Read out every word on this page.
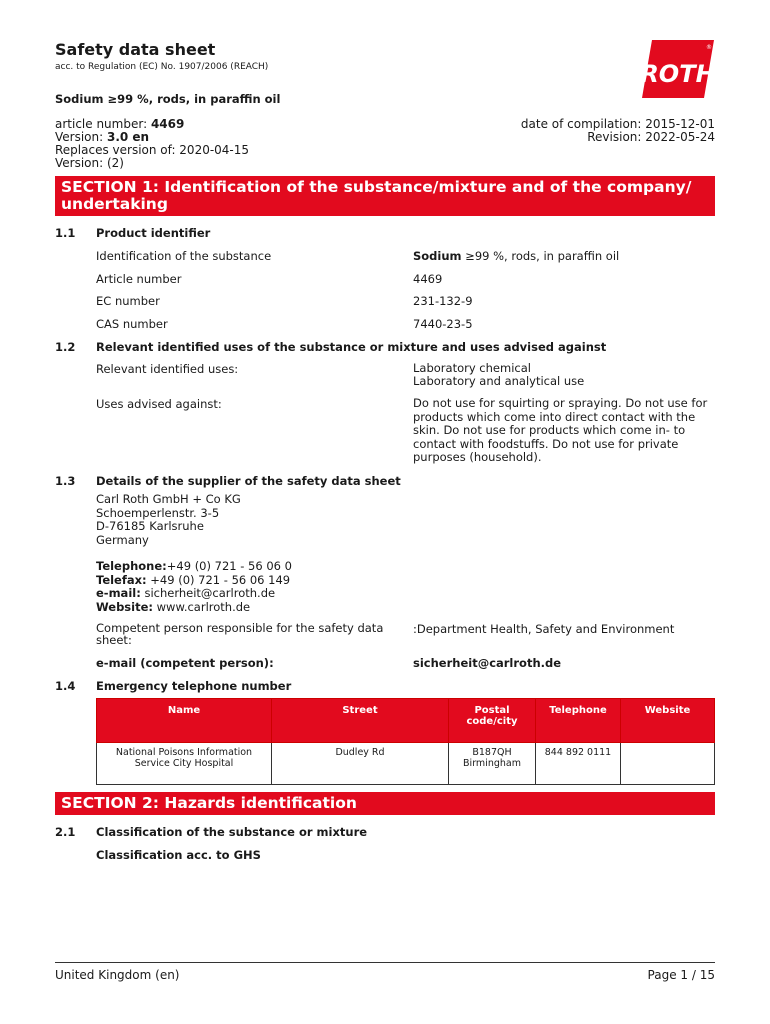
Safety data sheet
acc. to Regulation (EC) No. 1907/2006 (REACH)	ROTH
®
Sodium ≥99 %, rods, in paraffin oil
article number: 4469
Version: 3.0 en
Replaces version of: 2020-04-15
Version: (2)
date of compilation: 2015-12-01
Revision: 2022-05-24
SECTION 1: Identification of the substance/mixture and of the company/ undertaking
1.1 Product identifier
Identification of the substance	Sodium ≥99 %, rods, in paraffin oil
Article number	4469
EC number	231-132-9
CAS number	7440-23-5
1.2 Relevant identified uses of the substance or mixture and uses advised against
Relevant identified uses:	Laboratory chemical
Laboratory and analytical use
Uses advised against:	Do not use for squirting or spraying. Do not use for products which come into direct contact with the skin. Do not use for products which come in- to contact with foodstuffs. Do not use for private purposes (household).
1.3 Details of the supplier of the safety data sheet
Carl Roth GmbH + Co KG
Schoemperlenstr. 3-5
D-76185 Karlsruhe
Germany
Telephone:+49 (0) 721 - 56 06 0
Telefax: +49 (0) 721 - 56 06 149
e-mail: sicherheit@carlroth.de
Website: www.carlroth.de
Competent person responsible for the safety data sheet:
:Department Health, Safety and Environment
e-mail (competent person):	sicherheit@carlroth.de
1.4 Emergency telephone number
Name	Street	Postal code/city	Telephone	Website
National Poisons Information Service City Hospital	Dudley Rd	B187QH Birmingham	844 892 0111	
SECTION 2: Hazards identification
2.1 Classification of the substance or mixture
Classification acc. to GHS
United Kingdom (en)	Page 1 / 15
